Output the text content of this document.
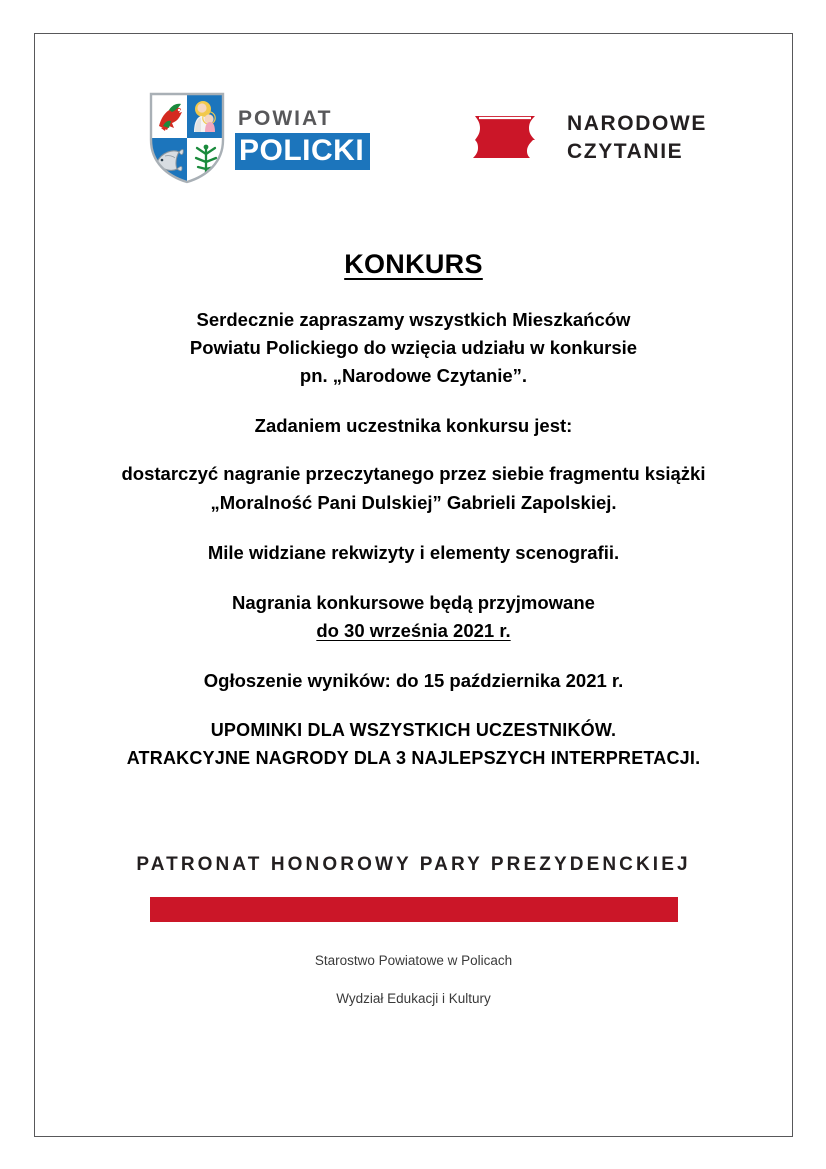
POWIAT
POLICKI
NARODOWE
CZYTANIE
KONKURS

Serdecznie zapraszamy wszystkich Mieszkańców
Powiatu Polickiego do wzięcia udziału w konkursie
pn. „Narodowe Czytanie”.

Zadaniem uczestnika konkursu jest:

dostarczyć nagranie przeczytanego przez siebie fragmentu książki
„Moralność Pani Dulskiej” Gabrieli Zapolskiej.

Mile widziane rekwizyty i elementy scenografii.

Nagrania konkursowe będą przyjmowane
do 30 września 2021 r.

Ogłoszenie wyników: do 15 października 2021 r.

UPOMINKI DLA WSZYSTKICH UCZESTNIKÓW.
ATRAKCYJNE NAGRODY DLA 3 NAJLEPSZYCH INTERPRETACJI.

PATRONAT HONOROWY PARY PREZYDENCKIEJ

Starostwo Powiatowe w Policach

Wydział Edukacji i Kultury
